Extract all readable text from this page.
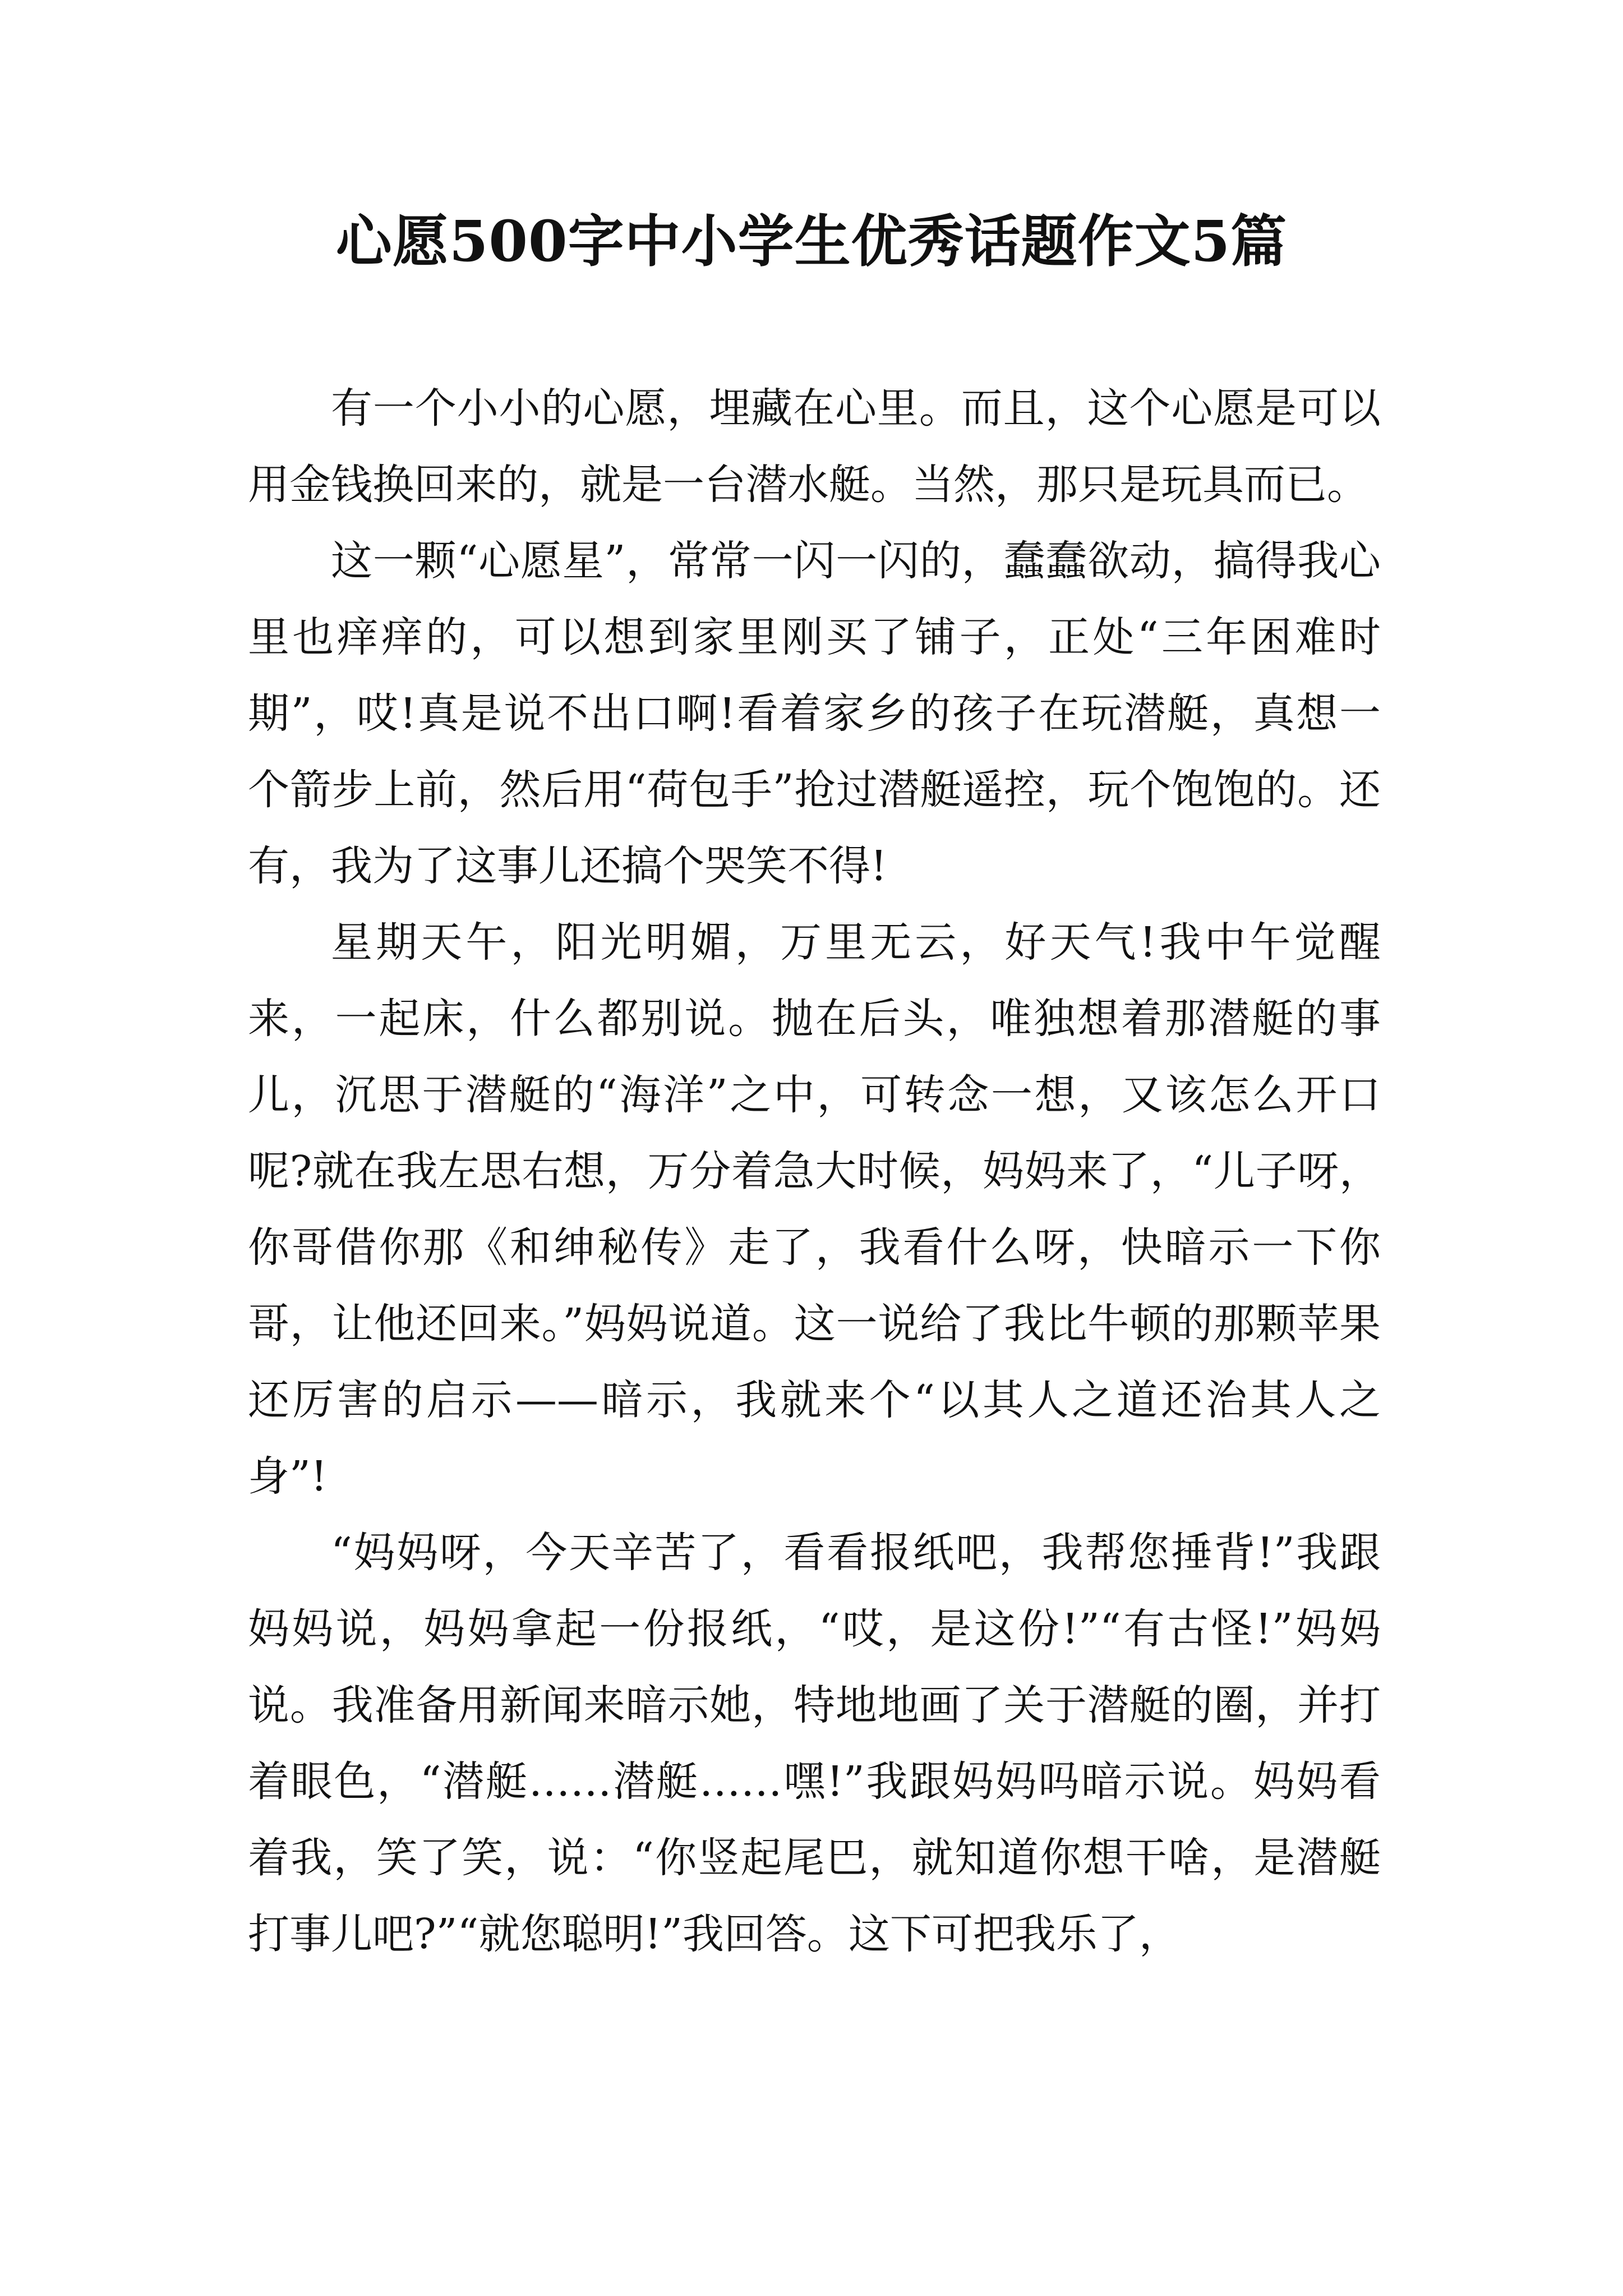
心愿500字中小学生优秀话题作文5篇

有一个小小的心愿，埋藏在心里。而且，这个心愿是可以用金钱换回来的，就是一台潜水艇。当然，那只是玩具而已。

这一颗“心愿星”，常常一闪一闪的，蠢蠢欲动，搞得我心里也痒痒的，可以想到家里刚买了铺子，正处“三年困难时期”，哎!真是说不出口啊!看着家乡的孩子在玩潜艇，真想一个箭步上前，然后用“荷包手”抢过潜艇遥控，玩个饱饱的。还有，我为了这事儿还搞个哭笑不得!

星期天午，阳光明媚，万里无云，好天气!我中午觉醒来，一起床，什么都别说。抛在后头，唯独想着那潜艇的事儿，沉思于潜艇的“海洋”之中，可转念一想，又该怎么开口呢?就在我左思右想，万分着急大时候，妈妈来了，“儿子呀，你哥借你那《和绅秘传》走了，我看什么呀，快暗示一下你哥，让他还回来。”妈妈说道。这一说给了我比牛顿的那颗苹果还厉害的启示——暗示，我就来个“以其人之道还治其人之身”!

“妈妈呀，今天辛苦了，看看报纸吧，我帮您捶背!”我跟妈妈说，妈妈拿起一份报纸，“哎，是这份!”“有古怪!”妈妈说。我准备用新闻来暗示她，特地地画了关于潜艇的圈，并打着眼色，“潜艇……潜艇……嘿!”我跟妈妈吗暗示说。妈妈看着我，笑了笑，说：“你竖起尾巴，就知道你想干啥，是潜艇打事儿吧?”“就您聪明!”我回答。这下可把我乐了，
